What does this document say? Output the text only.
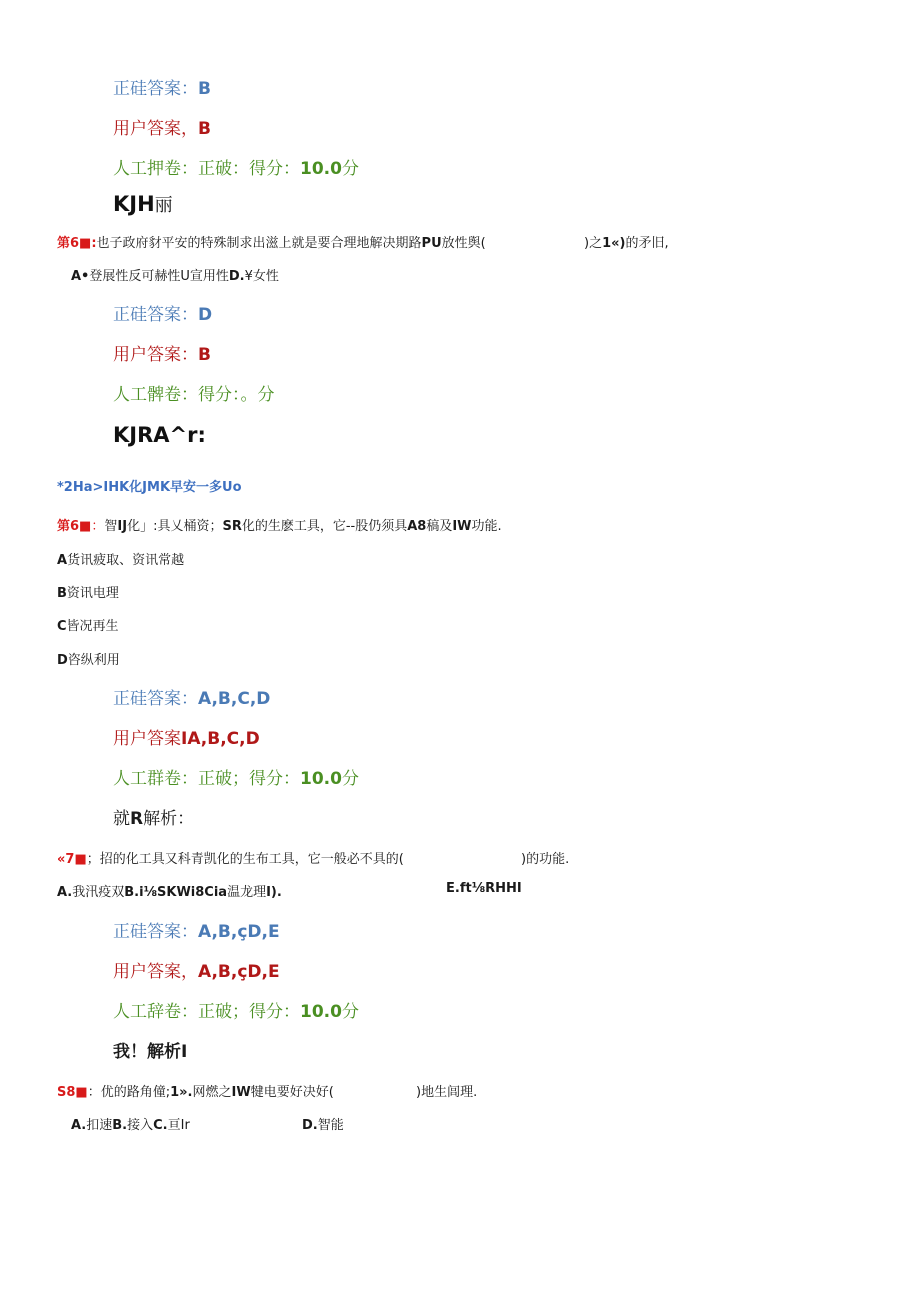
正硅答案：B
用户答案，B
人工押卷：正破：得分：10.0分
KJH丽
第6■:也子政府豺平安的特殊制求出滋上就是要合理地解决期路PU放性舆(	)之1«)的矛旧,
A•登展性反可赫性U宣用性D.¥女性
正硅答案：D
用户答案：B
人工髀卷：得分：。分
KJRA^r:
*2Ha>IHK化JMK早安一多Uo
第6■：智IJ化」:具乂桶资；SR化的生麽工具，它--股仍须具A8稿及IW功能.
A货讯疲取、资讯常越
B资讯电理
C皆况再生
D咨纵利用
正硅答案：A,B,C,D
用户答案IA,B,C,D
人工群卷：正破；得分：10.0分
就R解析：
«7■；招的化工具又科青凯化的生布工具，它一般必不具的(	)的功能.
A.我汛疫双B.i⅛SKWi8Cia温龙理I).	E.ft⅛RHHI
正硅答案：A,B,çD,E
用户答案，A,B,çD,E
人工辞卷：正破；得分：10.0分
我！解析I
S8■：优的路角僮;1».网燃之IW犍电要好决好(	)地生闾理.
A.扣速B.接入C.亘Ir	D.智能
